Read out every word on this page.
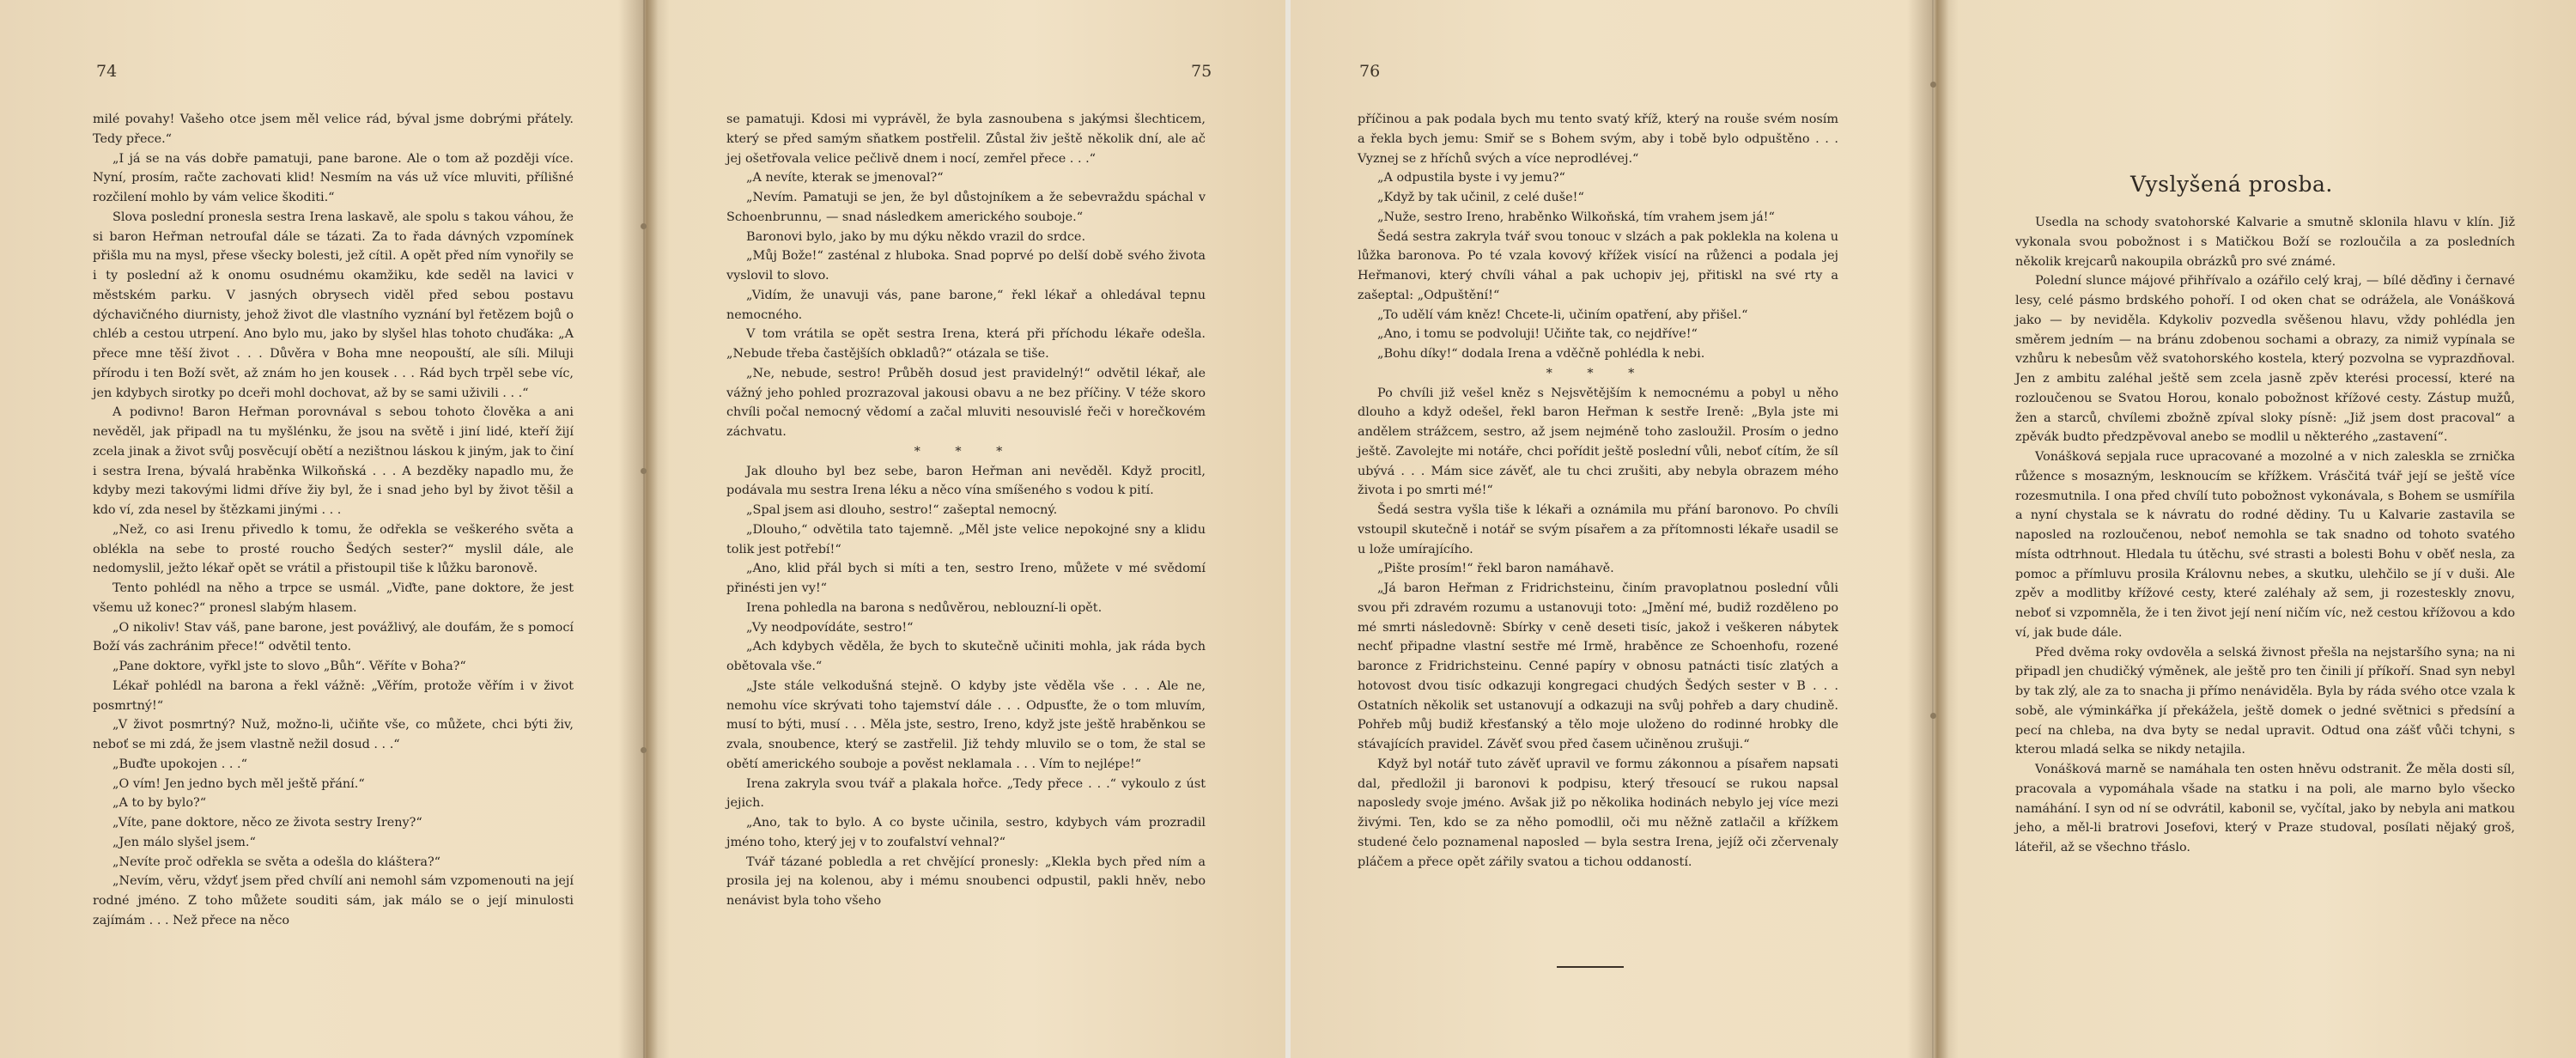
74

milé povahy! Vašeho otce jsem měl velice rád, býval jsme dobrými přátely. Tedy přece.“

„I já se na vás dobře pamatuji, pane barone. Ale o tom až později více. Nyní, prosím, račte zachovati klid! Nesmím na vás už více mluviti, přílišné rozčilení mohlo by vám velice škoditi.“

Slova poslední pronesla sestra Irena laskavě, ale spolu s takou váhou, že si baron Heřman netroufal dále se tázati. Za to řada dávných vzpomínek přišla mu na mysl, přese všecky bolesti, jež cítil. A opět před ním vynořily se i ty poslední až k onomu osudnému okamžiku, kde seděl na lavici v městském parku. V jasných obrysech viděl před sebou postavu dýchavičného diurnisty, jehož život dle vlastního vyznání byl řetězem bojů o chléb a cestou utrpení. Ano bylo mu, jako by slyšel hlas tohoto chuďáka: „A přece mne těší život . . . Důvěra v Boha mne neopouští, ale síli. Miluji přírodu i ten Boží svět, až znám ho jen kousek . . . Rád bych trpěl sebe víc, jen kdybych sirotky po dceři mohl dochovat, až by se sami uživili . . .“

A podivno! Baron Heřman porovnával s sebou tohoto člověka a ani nevěděl, jak připadl na tu myšlénku, že jsou na světě i jiní lidé, kteří žijí zcela jinak a život svůj posvěcují obětí a nezištnou láskou k jiným, jak to činí i sestra Irena, bývalá hraběnka Wilkoňská . . . A bezděky napadlo mu, že kdyby mezi takovými lidmi dříve žiy byl, že i snad jeho byl by život těšil a kdo ví, zda nesel by štězkami jinými . . .

„Než, co asi Irenu přivedlo k tomu, že odřekla se veškerého světa a oblékla na sebe to prosté roucho Šedých sester?“ myslil dále, ale nedomyslil, ježto lékař opět se vrátil a přistoupil tiše k lůžku baronově.

Tento pohlédl na něho a trpce se usmál. „Viďte, pane doktore, že jest všemu už konec?“ pronesl slabým hlasem.

„O nikoliv! Stav váš, pane barone, jest povážlivý, ale doufám, že s pomocí Boží vás zachránim přece!“ odvětil tento.

„Pane doktore, vyřkl jste to slovo „Bůh“. Věříte v Boha?“

Lékař pohlédl na barona a řekl vážně: „Věřím, protože věřím i v život posmrtný!“

„V život posmrtný? Nuž, možno-li, učiňte vše, co můžete, chci býti živ, neboť se mi zdá, že jsem vlastně nežil dosud . . .“

„Buďte upokojen . . .“

„O vím! Jen jedno bych měl ještě přání.“

„A to by bylo?“

„Víte, pane doktore, něco ze života sestry Ireny?“

„Jen málo slyšel jsem.“

„Nevíte proč odřekla se světa a odešla do kláštera?“

„Nevím, věru, vždyť jsem před chvílí ani nemohl sám vzpomenouti na její rodné jméno. Z toho můžete souditi sám, jak málo se o její minulosti zajímám . . . Než přece na něco

75

se pamatuji. Kdosi mi vyprávěl, že byla zasnoubena s jakýmsi šlechticem, který se před samým sňatkem postřelil. Zůstal živ ještě několik dní, ale ač jej ošetřovala velice pečlivě dnem i nocí, zemřel přece . . .“

„A nevíte, kterak se jmenoval?“

„Nevím. Pamatuji se jen, že byl důstojníkem a že sebevraždu spáchal v Schoenbrunnu, — snad následkem amerického souboje.“

Baronovi bylo, jako by mu dýku někdo vrazil do srdce.

„Můj Bože!“ zasténal z hluboka. Snad poprvé po delší době svého života vyslovil to slovo.

„Vidím, že unavuji vás, pane barone,“ řekl lékař a ohledával tepnu nemocného.

V tom vrátila se opět sestra Irena, která při příchodu lékaře odešla. „Nebude třeba častějších obkladů?“ otázala se tiše.

„Ne, nebude, sestro! Průběh dosud jest pravidelný!“ odvětil lékař, ale vážný jeho pohled prozrazoval jakousi obavu a ne bez příčiny. V téže skoro chvíli počal nemocný vědomí a začal mluviti nesouvislé řeči v horečkovém záchvatu.

* * *

Jak dlouho byl bez sebe, baron Heřman ani nevěděl. Když procitl, podávala mu sestra Irena léku a něco vína smíšeného s vodou k pití.

„Spal jsem asi dlouho, sestro!“ zašeptal nemocný.

„Dlouho,“ odvětila tato tajemně. „Měl jste velice nepokojné sny a klidu tolik jest potřebí!“

„Ano, klid přál bych si míti a ten, sestro Ireno, můžete v mé svědomí přinésti jen vy!“

Irena pohledla na barona s nedůvěrou, neblouzní-li opět.

„Vy neodpovídáte, sestro!“

„Ach kdybych věděla, že bych to skutečně učiniti mohla, jak ráda bych obětovala vše.“

„Jste stále velkodušná stejně. O kdyby jste věděla vše . . . Ale ne, nemohu více skrývati toho tajemství dále . . . Odpusťte, že o tom mluvím, musí to býti, musí . . . Měla jste, sestro, Ireno, když jste ještě hraběnkou se zvala, snoubence, který se zastřelil. Již tehdy mluvilo se o tom, že stal se obětí amerického souboje a pověst neklamala . . . Vím to nejlépe!“

Irena zakryla svou tvář a plakala hořce. „Tedy přece . . .“ vykoulo z úst jejich.

„Ano, tak to bylo. A co byste učinila, sestro, kdybych vám prozradil jméno toho, který jej v to zoufalství vehnal?“

Tvář tázané pobledla a ret chvějící pronesly: „Klekla bych před ním a prosila jej na kolenou, aby i mému snoubenci odpustil, pakli hněv, nebo nenávist byla toho všeho

76

příčinou a pak podala bych mu tento svatý kříž, který na rouše svém nosím a řekla bych jemu: Smiř se s Bohem svým, aby i tobě bylo odpuštěno . . . Vyznej se z hříchů svých a více neprodlévej.“

„A odpustila byste i vy jemu?“

„Když by tak učinil, z celé duše!“

„Nuže, sestro Ireno, hraběnko Wilkoňská, tím vrahem jsem já!“

Šedá sestra zakryla tvář svou tonouc v slzách a pak poklekla na kolena u lůžka baronova. Po té vzala kovový křížek visící na růženci a podala jej Heřmanovi, který chvíli váhal a pak uchopiv jej, přitiskl na své rty a zašeptal: „Odpuštění!“

„To udělí vám kněz! Chcete-li, učiním opatření, aby přišel.“

„Ano, i tomu se podvoluji! Učiňte tak, co nejdříve!“

„Bohu díky!“ dodala Irena a vděčně pohlédla k nebi.

* * *

Po chvíli již vešel kněz s Nejsvětějším k nemocnému a pobyl u něho dlouho a když odešel, řekl baron Heřman k sestře Ireně: „Byla jste mi andělem strážcem, sestro, až jsem nejméně toho zasloužil. Prosím o jedno ještě. Zavolejte mi notáře, chci pořídit ještě poslední vůli, neboť cítím, že síl ubývá . . . Mám sice závěť, ale tu chci zrušiti, aby nebyla obrazem mého života i po smrti mé!“

Šedá sestra vyšla tiše k lékaři a oznámila mu přání baronovo. Po chvíli vstoupil skutečně i notář se svým písařem a za přítomnosti lékaře usadil se u lože umírajícího.

„Pište prosím!“ řekl baron namáhavě.

„Já baron Heřman z Fridrichsteinu, činím pravoplatnou poslední vůli svou při zdravém rozumu a ustanovuji toto: „Jmění mé, budiž rozděleno po mé smrti následovně: Sbírky v ceně deseti tisíc, jakož i veškeren nábytek nechť připadne vlastní sestře mé Irmě, hraběnce ze Schoenhofu, rozené baronce z Fridrichsteinu. Cenné papíry v obnosu patnácti tisíc zlatých a hotovost dvou tisíc odkazuji kongregaci chudých Šedých sester v B . . . Ostatních několik set ustanovují a odkazuji na svůj pohřeb a dary chudině. Pohřeb můj budiž křesťanský a tělo moje uloženo do rodinné hrobky dle stávajících pravidel. Závěť svou před časem učiněnou zrušuji.“

Když byl notář tuto závěť upravil ve formu zákonnou a písařem napsati dal, předložil ji baronovi k podpisu, který třesoucí se rukou napsal naposledy svoje jméno. Avšak již po několika hodinách nebylo jej více mezi živými. Ten, kdo se za něho pomodlil, oči mu něžně zatlačil a křížkem studené čelo poznamenal naposled — byla sestra Irena, jejíž oči zčervenaly pláčem a přece opět zářily svatou a tichou oddaností.

Vyslyšená prosba.

Usedla na schody svatohorské Kalvarie a smutně sklonila hlavu v klín. Již vykonala svou pobožnost i s Matičkou Boží se rozloučila a za posledních několik krejcarů nakoupila obrázků pro své známé.

Polední slunce májové přihřívalo a ozářilo celý kraj, — bílé děďiny i černavé lesy, celé pásmo brdského pohoří. I od oken chat se odrážela, ale Vonášková jako — by neviděla. Kdykoliv pozvedla svěšenou hlavu, vždy pohlédla jen směrem jedním — na bránu zdobenou sochami a obrazy, za nimiž vypínala se vzhůru k nebesům věž svatohorského kostela, který pozvolna se vyprazdňoval. Jen z ambitu zaléhal ještě sem zcela jasně zpěv kterési processí, které na rozloučenou se Svatou Horou, konalo pobožnost křížové cesty. Zástup mužů, žen a starců, chvílemi zbožně zpíval sloky písně: „Již jsem dost pracoval“ a zpěvák budto předzpěvoval anebo se modlil u některého „zastavení“.

Vonášková sepjala ruce upracované a mozolné a v nich zaleskla se zrnička růžence s mosazným, lesknoucím se křížkem. Vrásčitá tvář její se ještě více rozesmutnila. I ona před chvílí tuto pobožnost vykonávala, s Bohem se usmířila a nyní chystala se k návratu do rodné dědiny. Tu u Kalvarie zastavila se naposled na rozloučenou, neboť nemohla se tak snadno od tohoto svatého místa odtrhnout. Hledala tu útěchu, své strasti a bolesti Bohu v oběť nesla, za pomoc a přímluvu prosila Královnu nebes, a skutku, ulehčilo se jí v duši. Ale zpěv a modlitby křížové cesty, které zaléhaly až sem, ji rozesteskly znovu, neboť si vzpomněla, že i ten život její není ničím víc, než cestou křížovou a kdo ví, jak bude dále.

Před dvěma roky ovdověla a selská živnost přešla na nejstaršího syna; na ni připadl jen chudičký výměnek, ale ještě pro ten činili jí příkoří. Snad syn nebyl by tak zlý, ale za to snacha ji přímo nenáviděla. Byla by ráda svého otce vzala k sobě, ale výminkářka jí překážela, ještě domek o jedné světnici s předsíní a pecí na chleba, na dva byty se nedal upravit. Odtud ona zášť vůči tchyni, s kterou mladá selka se nikdy netajila.

Vonášková marně se namáhala ten osten hněvu odstranit. Že měla dosti síl, pracovala a vypomáhala všade na statku i na poli, ale marno bylo všecko namáhání. I syn od ní se odvrátil, kabonil se, vyčítal, jako by nebyla ani matkou jeho, a měl-li bratrovi Josefovi, který v Praze studoval, posílati nějaký groš, láteřil, až se všechno třáslo.
